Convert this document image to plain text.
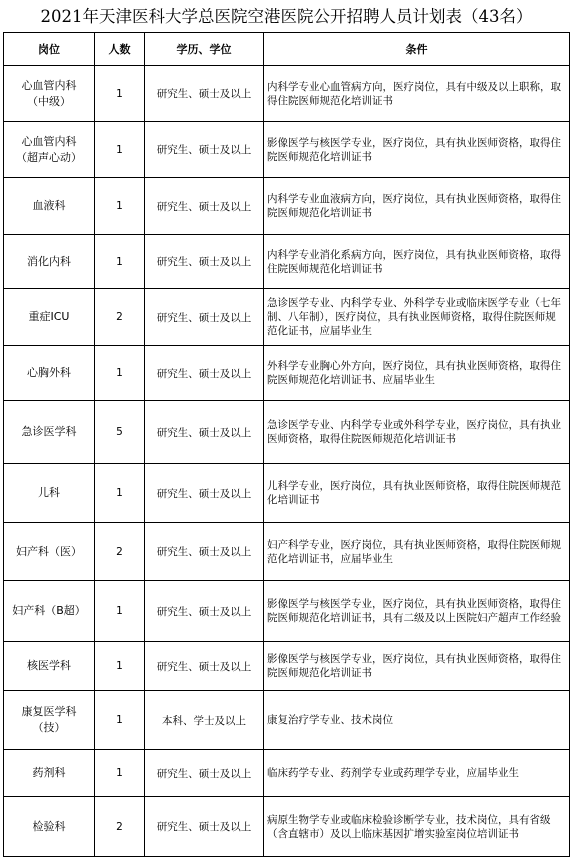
2021年天津医科大学总医院空港医院公开招聘人员计划表（43名）
岗位	人数	学历、学位	条件
心血管内科
（中级）	1	研究生、硕士及以上	内科学专业心血管病方向，医疗岗位，具有中级及以上职称，取得住院医师规范化培训证书
心血管内科
（超声心动）	1	研究生、硕士及以上	影像医学与核医学专业，医疗岗位，具有执业医师资格，取得住院医师规范化培训证书
血液科	1	研究生、硕士及以上	内科学专业血液病方向，医疗岗位，具有执业医师资格，取得住院医师规范化培训证书
消化内科	1	研究生、硕士及以上	内科学专业消化系病方向，医疗岗位，具有执业医师资格，取得住院医师规范化培训证书
重症ICU	2	研究生、硕士及以上	急诊医学专业、内科学专业、外科学专业或临床医学专业（七年制、八年制），医疗岗位，具有执业医师资格，取得住院医师规范化证书，应届毕业生
心胸外科	1	研究生、硕士及以上	外科学专业胸心外方向，医疗岗位，具有执业医师资格，取得住院医师规范化培训证书、应届毕业生
急诊医学科	5	研究生、硕士及以上	急诊医学专业、内科学专业或外科学专业，医疗岗位，具有执业医师资格，取得住院医师规范化培训证书
儿科	1	研究生、硕士及以上	儿科学专业，医疗岗位，具有执业医师资格，取得住院医师规范化培训证书
妇产科（医）	2	研究生、硕士及以上	妇产科学专业，医疗岗位，具有执业医师资格，取得住院医师规范化培训证书，应届毕业生
妇产科（B超）	1	研究生、硕士及以上	影像医学与核医学专业，医疗岗位，具有执业医师资格，取得住院医师规范化培训证书，具有二级及以上医院妇产超声工作经验
核医学科	1	研究生、硕士及以上	影像医学与核医学专业，医疗岗位，具有执业医师资格，取得住院医师规范化培训证书
康复医学科
（技）	1	本科、学士及以上	康复治疗学专业、技术岗位
药剂科	1	研究生、硕士及以上	临床药学专业、药剂学专业或药理学专业，应届毕业生
检验科	2	研究生、硕士及以上	病原生物学专业或临床检验诊断学专业，技术岗位，具有省级（含直辖市）及以上临床基因扩增实验室岗位培训证书
